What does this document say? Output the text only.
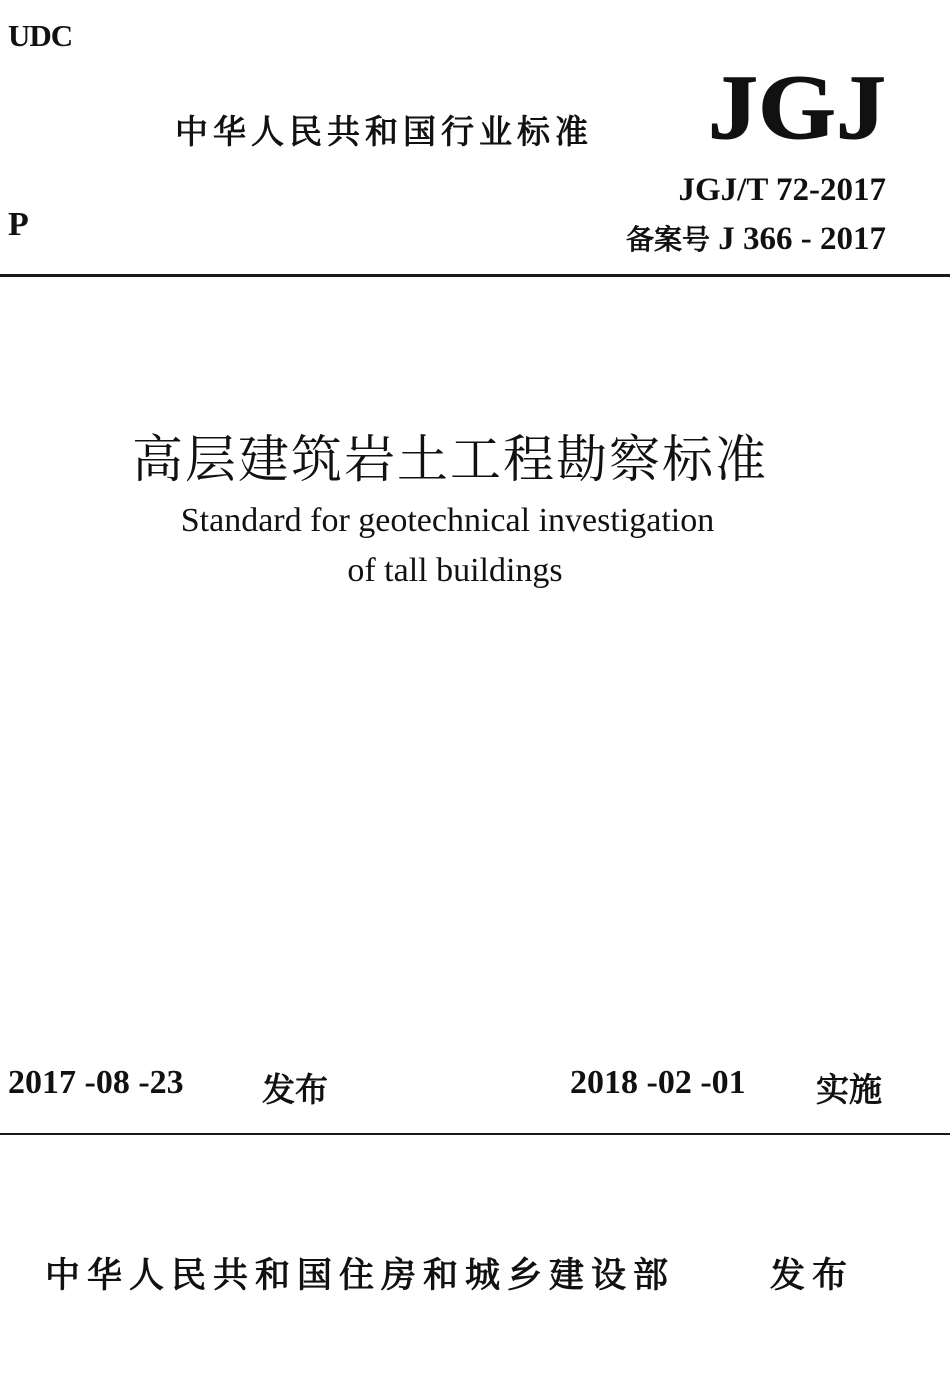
UDC
中华人民共和国行业标准 JGJ
JGJ/T 72-2017
备案号 J 366 - 2017
P
高层建筑岩土工程勘察标准
Standard for geotechnical investigation
of tall buildings
2017 -08 -23 发布	2018 -02 -01 实施
中华人民共和国住房和城乡建设部	发布
